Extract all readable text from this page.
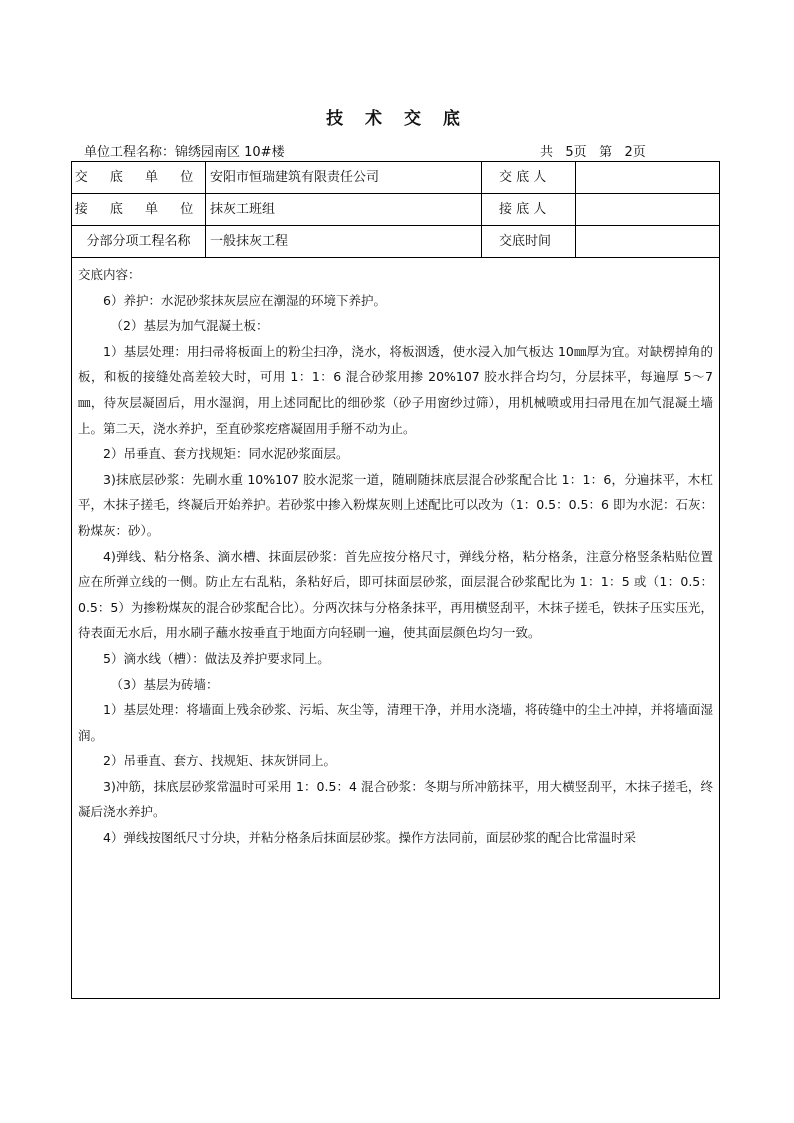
技 术 交 底
单位工程名称：锦绣园南区 10#楼	共   5页   第   2页
交 底 单 位 安阳市恒瑞建筑有限责任公司	交 底 人
接 底 单 位 抹灰工班组	接 底 人
分部分项工程名称	一般抹灰工程	交底时间

交底内容：

6）养护：水泥砂浆抹灰层应在潮湿的环境下养护。

（2）基层为加气混凝土板：

1）基层处理：用扫帚将板面上的粉尘扫净，浇水，将板洇透，使水浸入加气板达 10㎜厚为宜。对缺楞掉角的板，和板的接缝处高差较大时，可用 1：1：6 混合砂浆用掺 20%107 胶水拌合均匀，分层抹平，每遍厚 5～7㎜，待灰层凝固后，用水湿润，用上述同配比的细砂浆（砂子用窗纱过筛），用机械喷或用扫帚甩在加气混凝土墙上。第二天，浇水养护，至直砂浆疙瘩凝固用手掰不动为止。

2）吊垂直、套方找规矩：同水泥砂浆面层。

3)抹底层砂浆：先刷水重 10%107 胶水泥浆一道，随刷随抹底层混合砂浆配合比 1：1：6，分遍抹平，木杠平，木抹子搓毛，终凝后开始养护。若砂浆中掺入粉煤灰则上述配比可以改为（1：0.5：0.5：6 即为水泥：石灰：粉煤灰：砂）。

4)弹线、粘分格条、滴水槽、抹面层砂浆：首先应按分格尺寸，弹线分格，粘分格条，注意分格竖条粘贴位置应在所弹立线的一侧。防止左右乱粘，条粘好后，即可抹面层砂浆，面层混合砂浆配比为 1：1：5 或（1：0.5：0.5：5）为掺粉煤灰的混合砂浆配合比）。分两次抹与分格条抹平，再用横竖刮平，木抹子搓毛，铁抹子压实压光，待表面无水后，用水刷子蘸水按垂直于地面方向轻刷一遍，使其面层颜色均匀一致。

5）滴水线（槽）：做法及养护要求同上。

（3）基层为砖墙：

1）基层处理：将墙面上残余砂浆、污垢、灰尘等，清理干净，并用水浇墙，将砖缝中的尘土冲掉，并将墙面湿润。

2）吊垂直、套方、找规矩、抹灰饼同上。

3)冲筋，抹底层砂浆常温时可采用 1：0.5：4 混合砂浆：冬期与所冲筋抹平，用大横竖刮平，木抹子搓毛，终凝后浇水养护。

4）弹线按图纸尺寸分块，并粘分格条后抹面层砂浆。操作方法同前，面层砂浆的配合比常温时采
